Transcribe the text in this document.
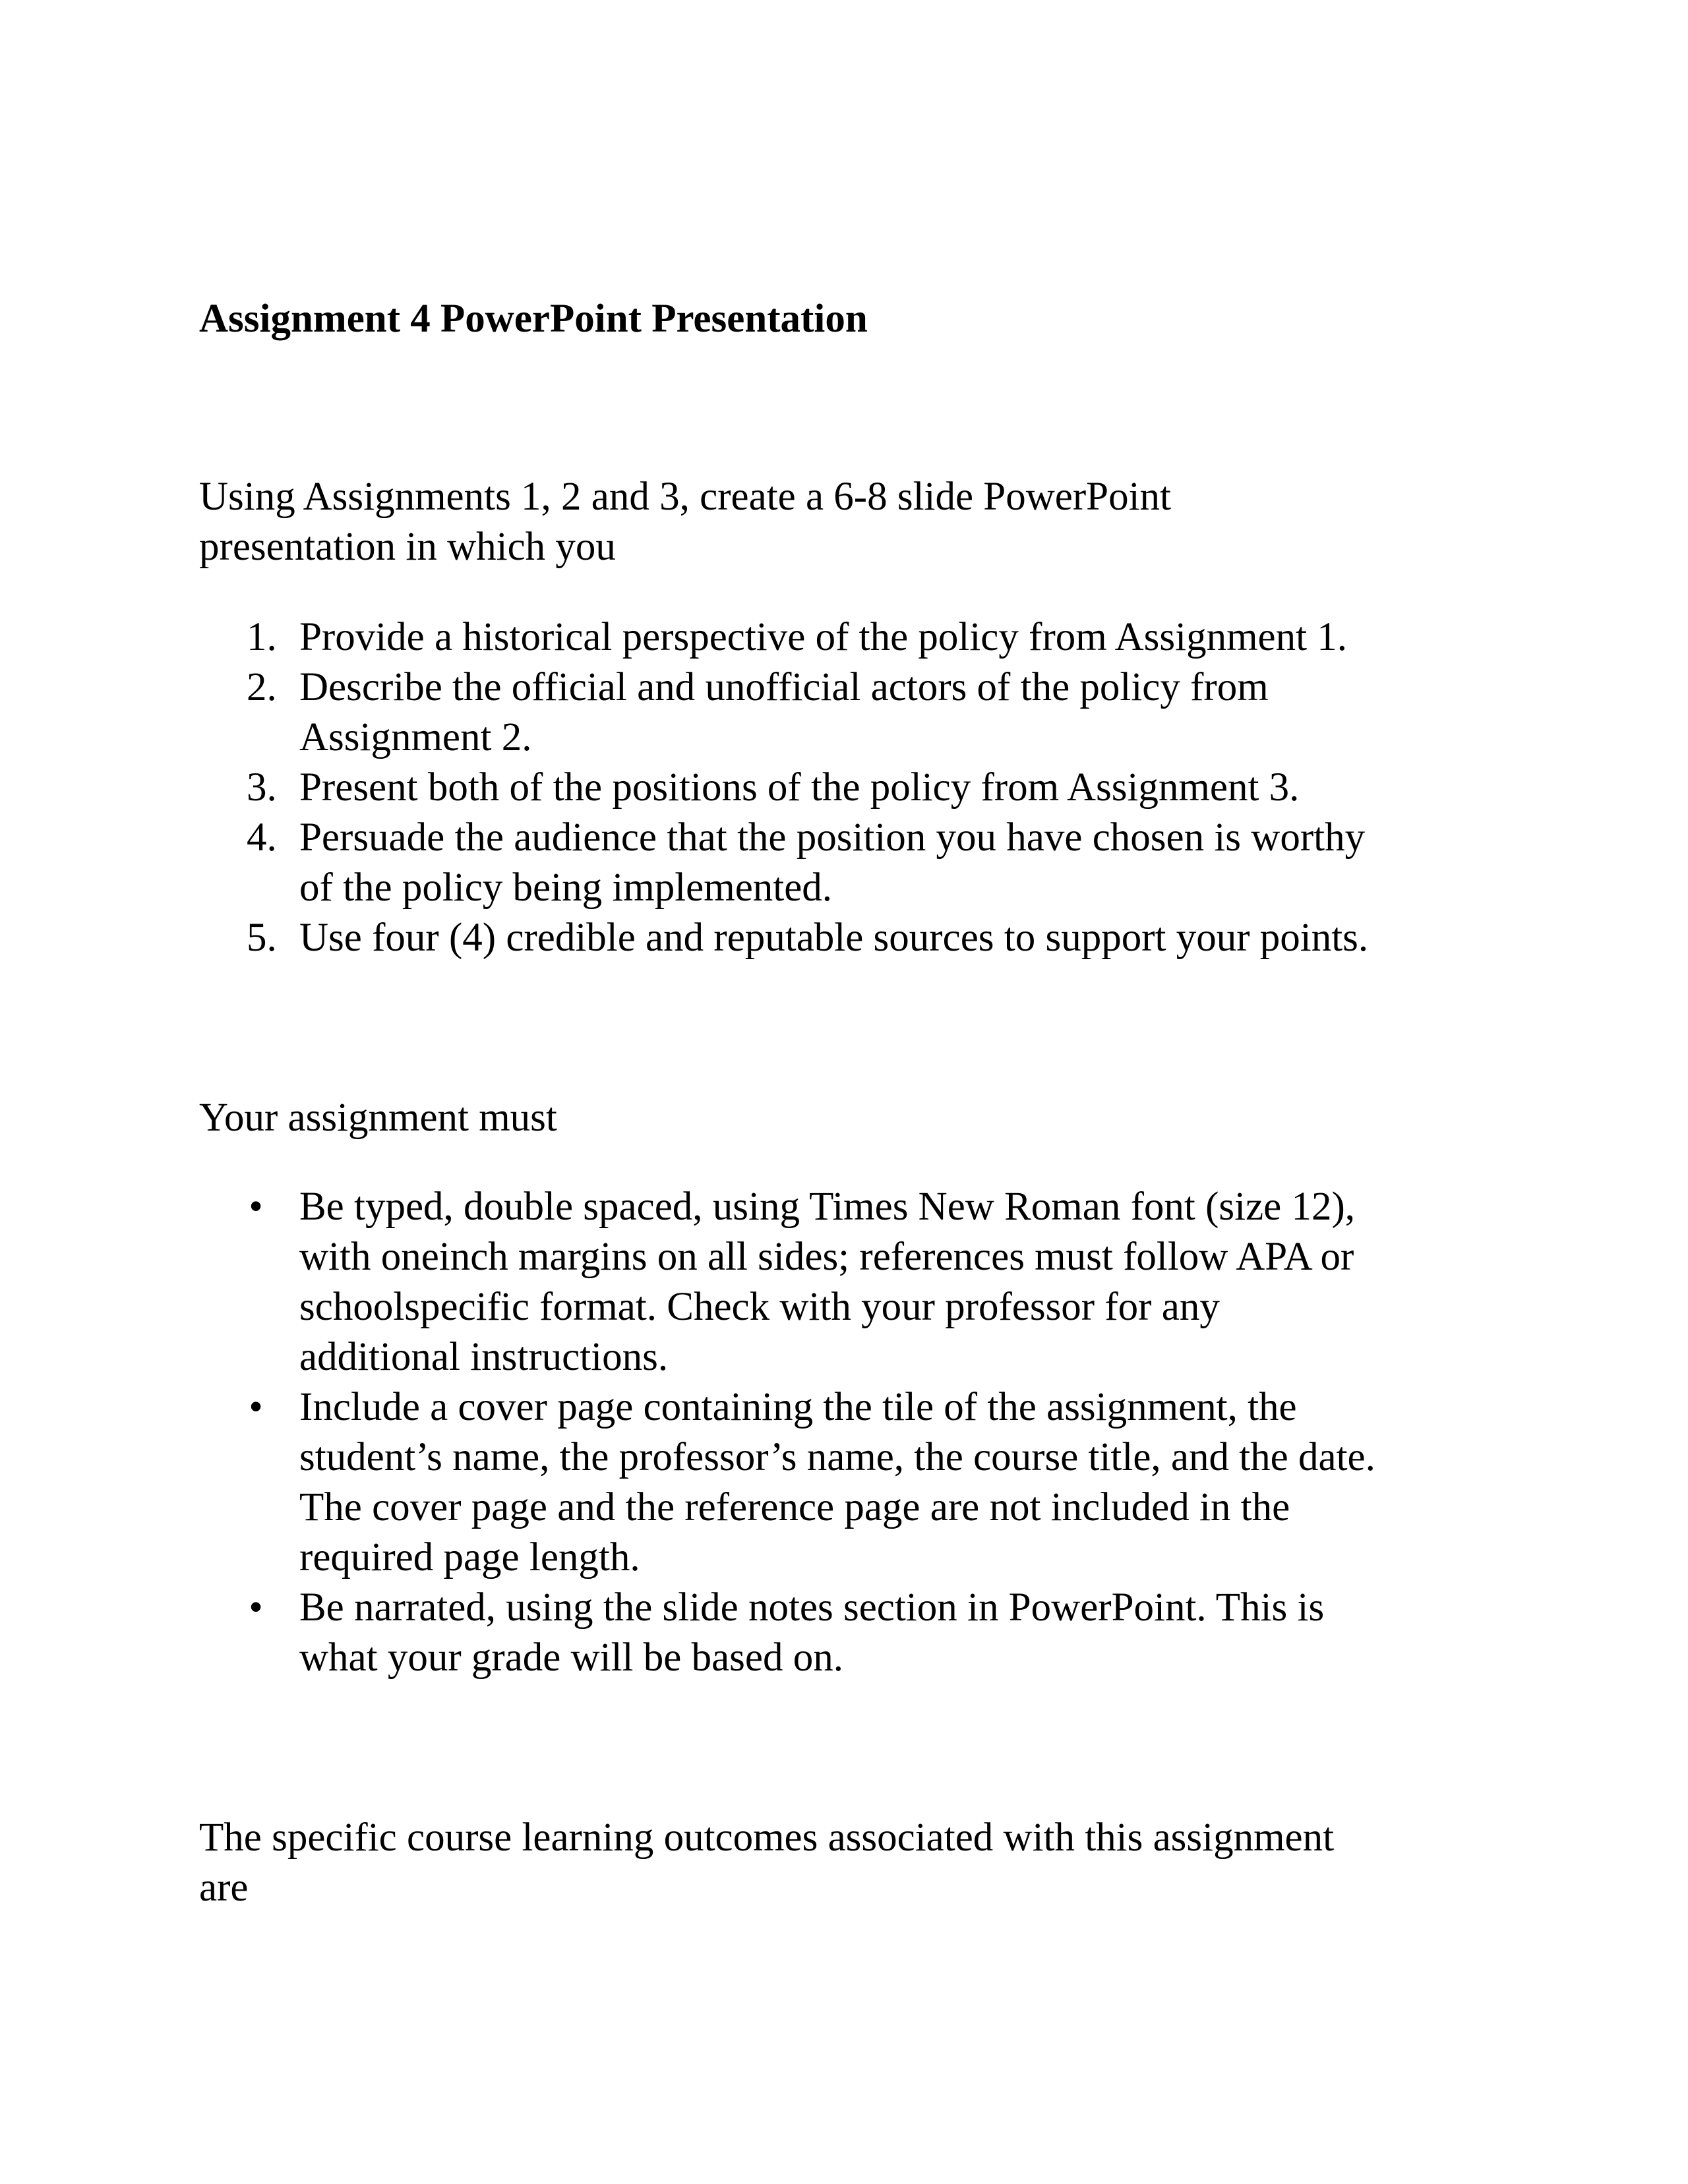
Assignment 4 PowerPoint Presentation

Using Assignments 1, 2 and 3, create a 6-8 slide PowerPoint
presentation in which you

1. Provide a historical perspective of the policy from Assignment 1.
2. Describe the official and unofficial actors of the policy from
Assignment 2.
3. Present both of the positions of the policy from Assignment 3.
4. Persuade the audience that the position you have chosen is worthy
of the policy being implemented.
5. Use four (4) credible and reputable sources to support your points.

Your assignment must

• Be typed, double spaced, using Times New Roman font (size 12),
with oneinch margins on all sides; references must follow APA or
schoolspecific format. Check with your professor for any
additional instructions.
• Include a cover page containing the tile of the assignment, the
student’s name, the professor’s name, the course title, and the date.
The cover page and the reference page are not included in the
required page length.
• Be narrated, using the slide notes section in PowerPoint. This is
what your grade will be based on.

The specific course learning outcomes associated with this assignment
are
